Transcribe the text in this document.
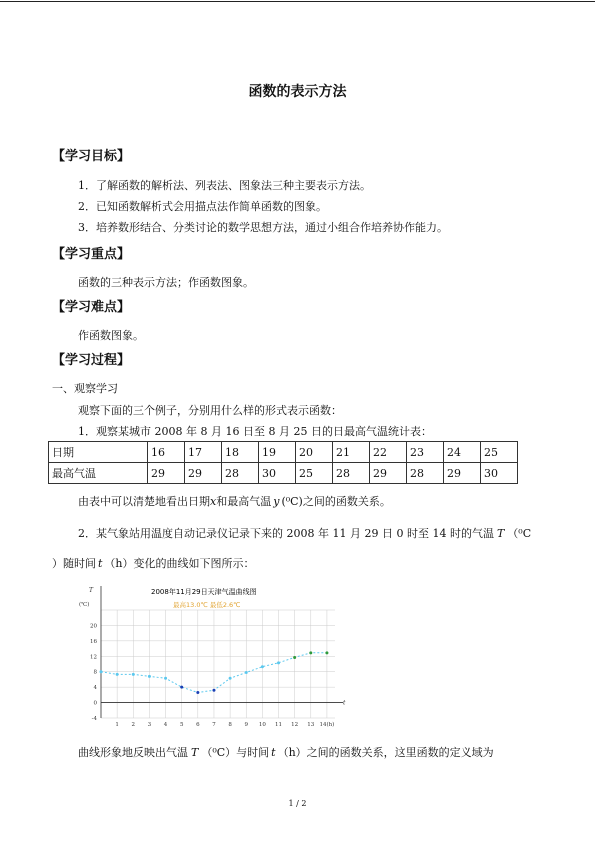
函数的表示方法
【学习目标】
1．了解函数的解析法、列表法、图象法三种主要表示方法。
2．已知函数解析式会用描点法作简单函数的图象。
3．培养数形结合、分类讨论的数学思想方法，通过小组合作培养协作能力。
【学习重点】
函数的三种表示方法；作函数图象。
【学习难点】
作函数图象。
【学习过程】
一、观察学习
观察下面的三个例子，分别用什么样的形式表示函数：
1．观察某城市 2008 年 8 月 16 日至 8 月 25 日的日最高气温统计表：
日期	16	17	18	19	20	21	22	23	24	25
最高气温	29	29	28	30	25	28	29	28	29	30
由表中可以清楚地看出日期x和最高气温 y (⁰C)之间的函数关系。
2．某气象站用温度自动记录仪记录下来的 2008 年 11 月 29 日 0 时至 14 时的气温 T （⁰C
）随时间 t （h）变化的曲线如下图所示：
T
t
(℃)
2008年11月29日天津气温曲线图
最高13.0℃ 最低2.6℃
20
16
12
8
4
0
-4
1 2 3 4 5 6 7 8 9 10 11 12 13 14(h)
曲线形象地反映出气温 T （⁰C）与时间 t （h）之间的函数关系，这里函数的定义域为
1 / 2
